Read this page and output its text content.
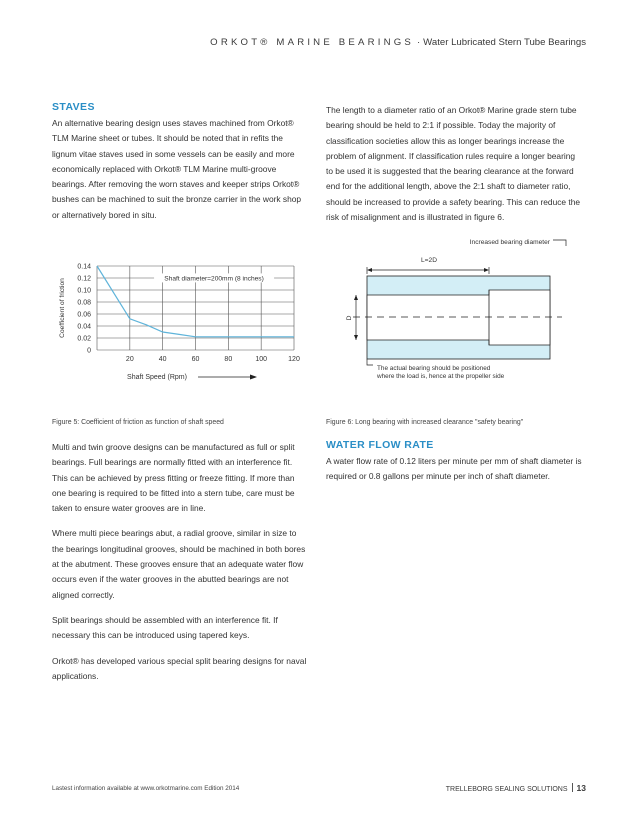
ORKOT® MARINE BEARINGS · Water Lubricated Stern Tube Bearings
STAVES

An alternative bearing design uses staves machined from Orkot® TLM Marine sheet or tubes. It should be noted that in refits the lignum vitae staves used in some vessels can be easily and more economically replaced with Orkot® TLM Marine multi-groove bearings. After removing the worn staves and keeper strips Orkot® bushes can be machined to suit the bronze carrier in the work shop or alternatively bored in situ.

The length to a diameter ratio of an Orkot® Marine grade stern tube bearing should be held to 2:1 if possible. Today the majority of classification societies allow this as longer bearings increase the problem of alignment. If classification rules require a longer bearing to be used it is suggested that the bearing clearance at the forward end for the additional length, above the 2:1 shaft to diameter ratio, should be increased to provide a safety bearing. This can reduce the risk of misalignment and is illustrated in figure 6.

0
0.02
0.04
0.06
0.08
0.10
0.12
0.14
20	40	60	80	100	120
Shaft diameter=200mm (8 inches)
Coefficient of friction
Shaft Speed (Rpm)
Increased bearing diameter
L=2D
D
The actual bearing should be positioned
where the load is, hence at the propeller side
Figure 5: Coefficient of friction as function of shaft speed	Figure 6: Long bearing with increased clearance "safety bearing"

Multi and twin groove designs can be manufactured as full or split bearings. Full bearings are normally fitted with an interference fit. This can be achieved by press fitting or freeze fitting. If more than one bearing is required to be fitted into a stern tube, care must be taken to ensure water grooves are in line.

Where multi piece bearings abut, a radial groove, similar in size to the bearings longitudinal grooves, should be machined in both bores at the abutment. These grooves ensure that an adequate water flow occurs even if the water grooves in the abutted bearings are not aligned correctly.

Split bearings should be assembled with an interference fit. If necessary this can be introduced using tapered keys.

Orkot® has developed various special split bearing designs for naval applications.

WATER FLOW RATE

A water flow rate of 0.12 liters per minute per mm of shaft diameter is required or 0.8 gallons per minute per inch of shaft diameter.

Lastest information available at www.orkotmarine.com Edition 2014	TRELLEBORG SEALING SOLUTIONS 13
